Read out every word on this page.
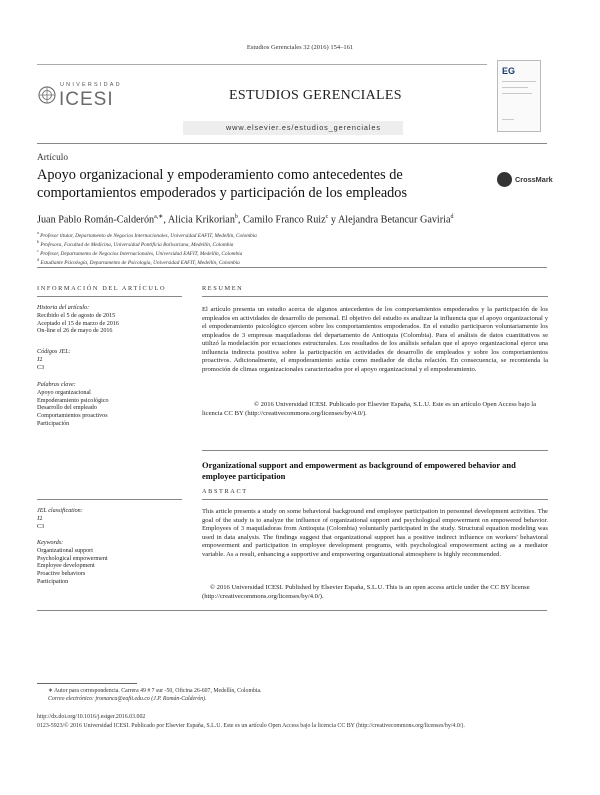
Estudios Gerenciales 32 (2016) 154–161
UNIVERSIDAD
ICESI	ESTUDIOS GERENCIALES
www.elsevier.es/estudios_gerenciales
EG
Artículo
Apoyo organizacional y empoderamiento como antecedentes de comportamientos empoderados y participación de los empleados
CrossMark
Juan Pablo Román-Calderón$^{a,∗}$, Alicia Krikorian$^b$, Camilo Franco Ruiz$^c$ y Alejandra Betancur Gaviria$^d$
$^a$ Profesor titular, Departamento de Negocios Internacionales, Universidad EAFIT, Medellín, Colombia
$^b$ Profesora, Facultad de Medicina, Universidad Pontificia Bolivariana, Medellín, Colombia
$^c$ Profesor, Departamento de Negocios Internacionales, Universidad EAFIT, Medellín, Colombia
$^d$ Estudiante Psicología, Departamento de Psicología, Universidad EAFIT, Medellín, Colombia
INFORMACIÓN DEL ARTÍCULO
Historia del artículo:
Recibido el 5 de agosto de 2015
Aceptado el 15 de marzo de 2016
On-line el 26 de mayo de 2016
Códigos JEL:
J2
C3
Palabras clave:
Apoyo organizacional
Empoderamiento psicológico
Desarrollo del empleado
Comportamientos proactivos
Participación
RESUMEN
El artículo presenta un estudio acerca de algunos antecedentes de los comportamientos empoderados y la participación de los empleados en actividades de desarrollo de personal. El objetivo del estudio es analizar la influencia que el apoyo organizacional y el empoderamiento psicológico ejercen sobre los comportamientos empoderados. En el estudio participaron voluntariamente los empleados de 3 empresas maquiladoras del departamento de Antioquia (Colombia). Para el análisis de datos cuantitativos se utilizó la modelación por ecuaciones estructurales. Los resultados de los análisis señalan que el apoyo organizacional ejerce una influencia indirecta positiva sobre la participación en actividades de desarrollo de empleados y sobre los comportamientos proactivos. Adicionalmente, el empoderamiento actúa como mediador de dicha relación. En consecuencia, se recomienda la promoción de climas organizacionales caracterizados por el apoyo organizacional y el empoderamiento.
© 2016 Universidad ICESI. Publicado por Elsevier España, S.L.U. Este es un artículo Open Access bajo la licencia CC BY (http://creativecommons.org/licenses/by/4.0/).
Organizational support and empowerment as background of empowered behavior and employee participation
ABSTRACT
JEL classification:
J2
C3
Keywords:
Organizational support
Psychological empowerment
Employee development
Proactive behaviors
Participation
This article presents a study on some behavioral background end employee participation in personnel development activities. The goal of the study is to analyze the influence of organizational support and psychological empowerment on empowered behavior. Employees of 3 maquiladoras from Antioquia (Colombia) voluntarily participated in the study. Structural equation modeling was used in data analysis. The findings suggest that organizational support has a positive indirect influence on workers' behavioral empowerment and participation in employee development programs, with psychological empowerment acting as a mediator variable. As a result, enhancing a supportive and empowering organizational atmosphere is highly recommended.
© 2016 Universidad ICESI. Published by Elsevier España, S.L.U. This is an open access article under the CC BY license (http://creativecommons.org/licenses/by/4.0/).
∗ Autor para correspondencia. Carrera 49 # 7 sur -50, Oficina 26-607, Medellín, Colombia.
Correo electrónico: jromanca@eafit.edu.co (J.P. Román-Calderón).
http://dx.doi.org/10.1016/j.estger.2016.03.002
0123-5923/© 2016 Universidad ICESI. Publicado por Elsevier España, S.L.U. Este es un artículo Open Access bajo la licencia CC BY (http://creativecommons.org/licenses/by/4.0/).
